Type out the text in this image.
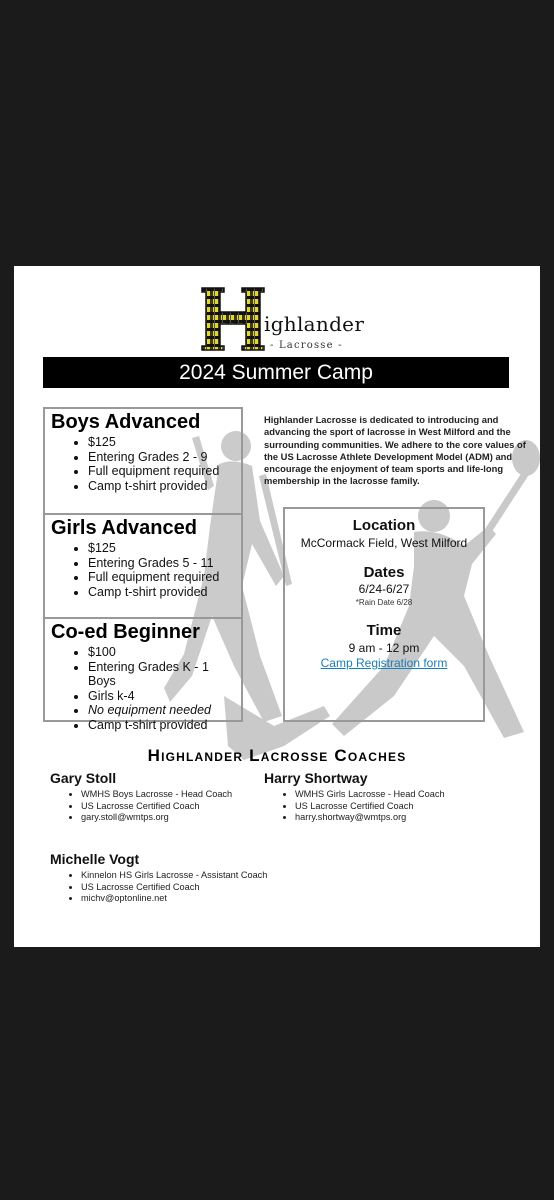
ighlander
- Lacrosse -
2024 Summer Camp
Boys Advanced
• $125
• Entering Grades 2 - 9
• Full equipment required
• Camp t-shirt provided
Girls Advanced
• $125
• Entering Grades 5 - 11
• Full equipment required
• Camp t-shirt provided
Co-ed Beginner
• $100
• Entering Grades K - 1 Boys
• Girls k-4
• No equipment needed
• Camp t-shirt provided
Highlander Lacrosse is dedicated to introducing and advancing the sport of lacrosse in West Milford and the surrounding communities. We adhere to the core values of the US Lacrosse Athlete Development Model (ADM) and encourage the enjoyment of team sports and life-long membership in the lacrosse family.
Location
McCormack Field, West Milford
Dates
6/24-6/27
*Rain Date 6/28
Time
9 am - 12 pm
Camp Registration form
Highlander Lacrosse Coaches
Gary Stoll
• WMHS Boys Lacrosse - Head Coach
• US Lacrosse Certified Coach
• gary.stoll@wmtps.org
Harry Shortway
• WMHS Girls Lacrosse - Head Coach
• US Lacrosse Certified Coach
• harry.shortway@wmtps.org
Michelle Vogt
• Kinnelon HS Girls Lacrosse - Assistant Coach
• US Lacrosse Certified Coach
• michv@optonline.net
